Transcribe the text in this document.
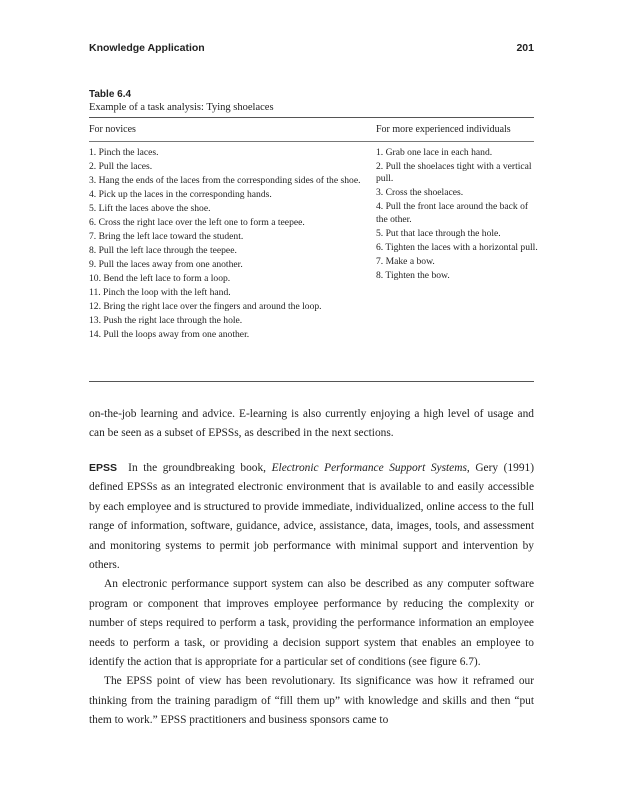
Knowledge Application	201
Table 6.4
Example of a task analysis: Tying shoelaces
For novices	For more experienced individuals
1. Pinch the laces.
2. Pull the laces.
3. Hang the ends of the laces from the corresponding sides of the shoe.
4. Pick up the laces in the corresponding hands.
5. Lift the laces above the shoe.
6. Cross the right lace over the left one to form a teepee.
7. Bring the left lace toward the student.
8. Pull the left lace through the teepee.
9. Pull the laces away from one another.
10. Bend the left lace to form a loop.
11. Pinch the loop with the left hand.
12. Bring the right lace over the fingers and around the loop.
13. Push the right lace through the hole.
14. Pull the loops away from one another.
1. Grab one lace in each hand.
2. Pull the shoelaces tight with a vertical pull.
3. Cross the shoelaces.
4. Pull the front lace around the back of the other.
5. Put that lace through the hole.
6. Tighten the laces with a horizontal pull.
7. Make a bow.
8. Tighten the bow.

on-the-job learning and advice. E-learning is also currently enjoying a high level of usage and can be seen as a subset of EPSSs, as described in the next sections.

EPSS In the groundbreaking book, Electronic Performance Support Systems, Gery (1991) defined EPSSs as an integrated electronic environment that is available to and easily accessible by each employee and is structured to provide immediate, individualized, online access to the full range of information, software, guidance, advice, assistance, data, images, tools, and assessment and monitoring systems to permit job performance with minimal support and intervention by others.

An electronic performance support system can also be described as any computer software program or component that improves employee performance by reducing the complexity or number of steps required to perform a task, providing the performance information an employee needs to perform a task, or providing a decision support system that enables an employee to identify the action that is appropriate for a particular set of conditions (see figure 6.7).

The EPSS point of view has been revolutionary. Its significance was how it reframed our thinking from the training paradigm of “fill them up” with knowledge and skills and then “put them to work.” EPSS practitioners and business sponsors came to
